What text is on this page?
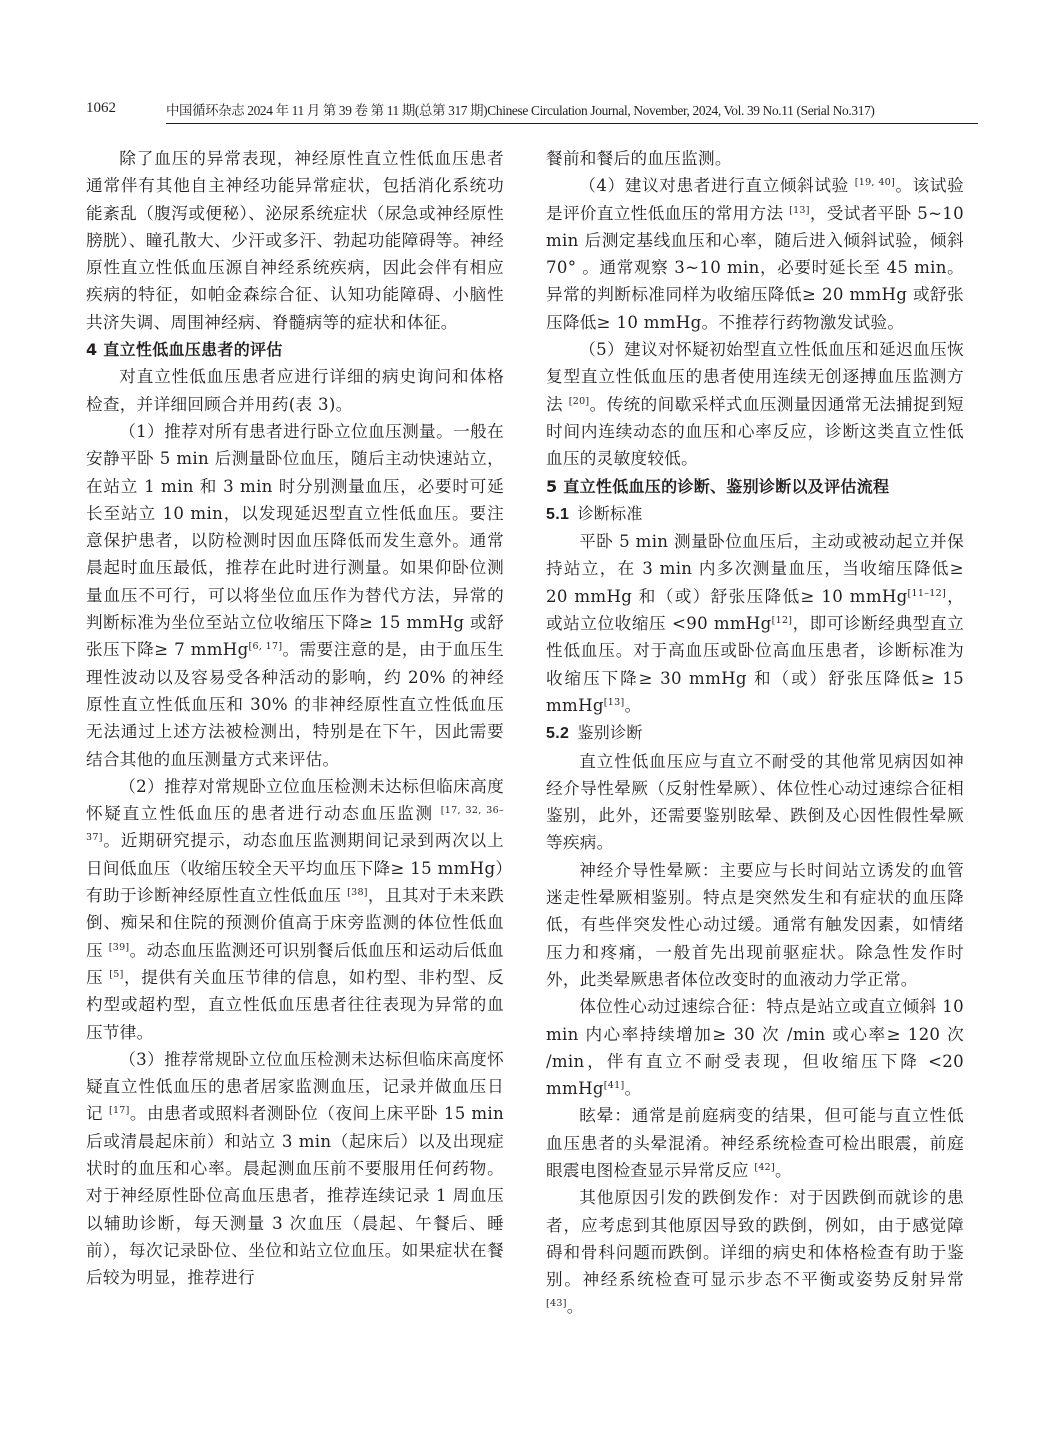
1062	中国循环杂志 2024 年 11 月 第 39 卷 第 11 期(总第 317 期)Chinese Circulation Journal, November, 2024, Vol. 39 No.11 (Serial No.317)

除了血压的异常表现，神经原性直立性低血压患者通常伴有其他自主神经功能异常症状，包括消化系统功能紊乱（腹泻或便秘）、泌尿系统症状（尿急或神经原性膀胱）、瞳孔散大、少汗或多汗、勃起功能障碍等。神经原性直立性低血压源自神经系统疾病，因此会伴有相应疾病的特征，如帕金森综合征、认知功能障碍、小脑性共济失调、周围神经病、脊髓病等的症状和体征。

4 直立性低血压患者的评估

对直立性低血压患者应进行详细的病史询问和体格检查，并详细回顾合并用药(表 3)。

（1）推荐对所有患者进行卧立位血压测量。一般在安静平卧 5 min 后测量卧位血压，随后主动快速站立，在站立 1 min 和 3 min 时分别测量血压，必要时可延长至站立 10 min，以发现延迟型直立性低血压。要注意保护患者，以防检测时因血压降低而发生意外。通常晨起时血压最低，推荐在此时进行测量。如果仰卧位测量血压不可行，可以将坐位血压作为替代方法，异常的判断标准为坐位至站立位收缩压下降≥ 15 mmHg 或舒张压下降≥ 7 mmHg[6, 17]。需要注意的是，由于血压生理性波动以及容易受各种活动的影响，约 20% 的神经原性直立性低血压和 30% 的非神经原性直立性低血压无法通过上述方法被检测出，特别是在下午，因此需要结合其他的血压测量方式来评估。

（2）推荐对常规卧立位血压检测未达标但临床高度怀疑直立性低血压的患者进行动态血压监测 [17, 32, 36–37]。近期研究提示，动态血压监测期间记录到两次以上日间低血压（收缩压较全天平均血压下降≥ 15 mmHg）有助于诊断神经原性直立性低血压 [38]，且其对于未来跌倒、痴呆和住院的预测价值高于床旁监测的体位性低血压 [39]。动态血压监测还可识别餐后低血压和运动后低血压 [5]，提供有关血压节律的信息，如杓型、非杓型、反杓型或超杓型，直立性低血压患者往往表现为异常的血压节律。

（3）推荐常规卧立位血压检测未达标但临床高度怀疑直立性低血压的患者居家监测血压，记录并做血压日记 [17]。由患者或照料者测卧位（夜间上床平卧 15 min 后或清晨起床前）和站立 3 min（起床后）以及出现症状时的血压和心率。晨起测血压前不要服用任何药物。对于神经原性卧位高血压患者，推荐连续记录 1 周血压以辅助诊断，每天测量 3 次血压（晨起、午餐后、睡前），每次记录卧位、坐位和站立位血压。如果症状在餐后较为明显，推荐进行

餐前和餐后的血压监测。

（4）建议对患者进行直立倾斜试验 [19, 40]。该试验是评价直立性低血压的常用方法 [13]，受试者平卧 5~10 min 后测定基线血压和心率，随后进入倾斜试验，倾斜 70° 。通常观察 3~10 min，必要时延长至 45 min。异常的判断标准同样为收缩压降低≥ 20 mmHg 或舒张压降低≥ 10 mmHg。不推荐行药物激发试验。

（5）建议对怀疑初始型直立性低血压和延迟血压恢复型直立性低血压的患者使用连续无创逐搏血压监测方法 [20]。传统的间歇采样式血压测量因通常无法捕捉到短时间内连续动态的血压和心率反应，诊断这类直立性低血压的灵敏度较低。

5 直立性低血压的诊断、鉴别诊断以及评估流程

5.1  诊断标准

平卧 5 min 测量卧位血压后，主动或被动起立并保持站立，在 3 min 内多次测量血压，当收缩压降低≥ 20 mmHg 和（或）舒张压降低≥ 10 mmHg[11–12]，或站立位收缩压 <90 mmHg[12]，即可诊断经典型直立性低血压。对于高血压或卧位高血压患者，诊断标准为收缩压下降≥ 30 mmHg 和（或）舒张压降低≥ 15 mmHg[13]。

5.2  鉴别诊断

直立性低血压应与直立不耐受的其他常见病因如神经介导性晕厥（反射性晕厥）、体位性心动过速综合征相鉴别，此外，还需要鉴别眩晕、跌倒及心因性假性晕厥等疾病。

神经介导性晕厥：主要应与长时间站立诱发的血管迷走性晕厥相鉴别。特点是突然发生和有症状的血压降低，有些伴突发性心动过缓。通常有触发因素，如情绪压力和疼痛，一般首先出现前驱症状。除急性发作时外，此类晕厥患者体位改变时的血液动力学正常。

体位性心动过速综合征：特点是站立或直立倾斜 10 min 内心率持续增加≥ 30 次 /min 或心率≥ 120 次 /min，伴有直立不耐受表现，但收缩压下降 <20 mmHg[41]。

眩晕：通常是前庭病变的结果，但可能与直立性低血压患者的头晕混淆。神经系统检查可检出眼震，前庭眼震电图检查显示异常反应 [42]。

其他原因引发的跌倒发作：对于因跌倒而就诊的患者，应考虑到其他原因导致的跌倒，例如，由于感觉障碍和骨科问题而跌倒。详细的病史和体格检查有助于鉴别。神经系统检查可显示步态不平衡或姿势反射异常 [43]。
